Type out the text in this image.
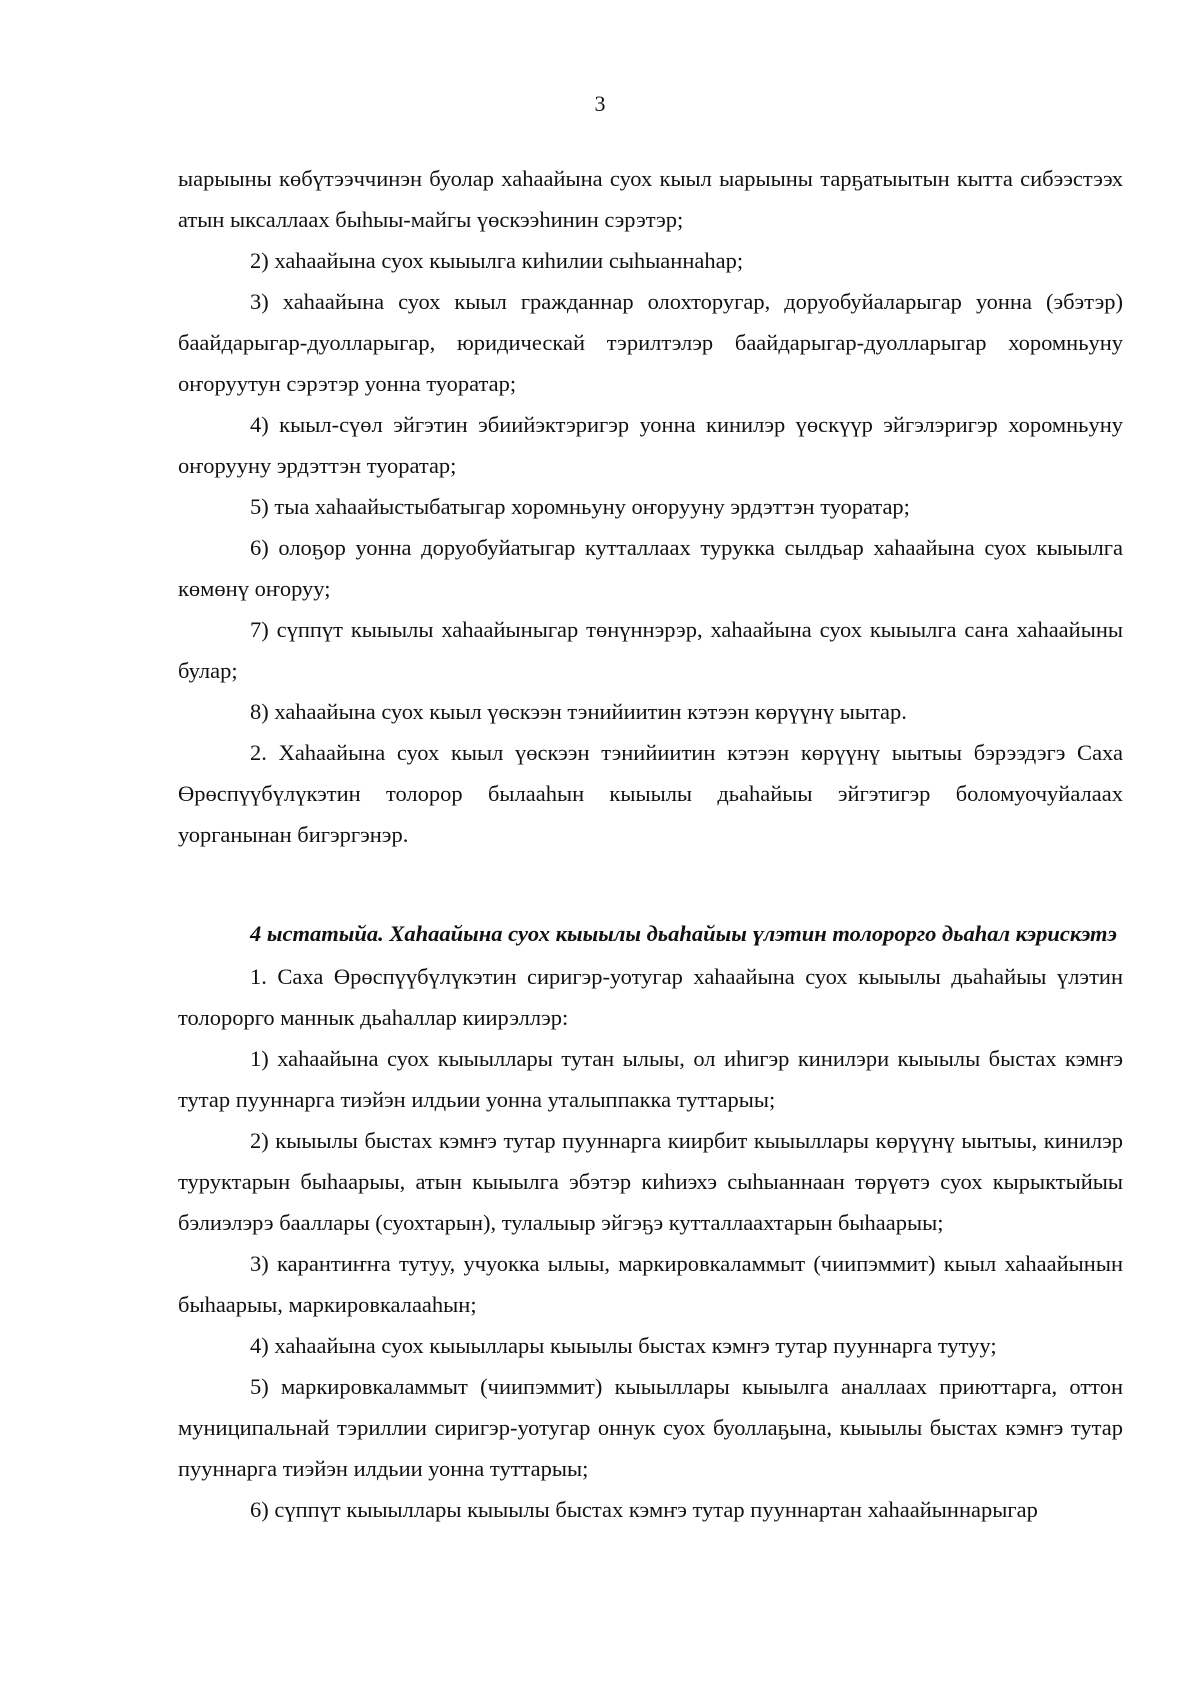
3

ыарыыны көбүтээччинэн буолар хаһаайына суох кыыл ыарыыны тарҕатыытын кытта сибээстээх атын ыксаллаах быһыы-майгы үөскээһинин сэрэтэр;

2) хаһаайына суох кыыылга киһилии сыһыаннаһар;

3) хаһаайына суох кыыл гражданнар олохторугар, доруобуйаларыгар уонна (эбэтэр) баайдарыгар-дуолларыгар, юридическай тэрилтэлэр баайдарыгар-дуолларыгар хоромньуну оҥоруутун сэрэтэр уонна туоратар;

4) кыыл-сүөл эйгэтин эбиийэктэригэр уонна кинилэр үөскүүр эйгэлэригэр хоромньуну оҥорууну эрдэттэн туоратар;

5) тыа хаһаайыстыбатыгар хоромньуну оҥорууну эрдэттэн туоратар;

6) олоҕор уонна доруобуйатыгар кутталлаах турукка сылдьар хаһаайына суох кыыылга көмөнү оҥоруу;

7) сүппүт кыыылы хаһаайыныгар төнүннэрэр, хаһаайына суох кыыылга саҥа хаһаайыны булар;

8) хаһаайына суох кыыл үөскээн тэнийиитин кэтээн көрүүнү ыытар.

2. Хаһаайына суох кыыл үөскээн тэнийиитин кэтээн көрүүнү ыытыы бэрээдэгэ Саха Өрөспүүбүлүкэтин толорор былааһын кыыылы дьаһайыы эйгэтигэр боломуочуйалаах уорганынан бигэргэнэр.

4 ыстатыйа. Хаһаайына суох кыыылы дьаһайыы үлэтин толорорго дьаһал кэрискэтэ

1. Саха Өрөспүүбүлүкэтин сиригэр-уотугар хаһаайына суох кыыылы дьаһайыы үлэтин толорорго маннык дьаһаллар киирэллэр:

1) хаһаайына суох кыыыллары тутан ылыы, ол иһигэр кинилэри кыыылы быстах кэмҥэ тутар пууннарга тиэйэн илдьии уонна уталыппакка туттарыы;

2) кыыылы быстах кэмҥэ тутар пууннарга киирбит кыыыллары көрүүнү ыытыы, кинилэр туруктарын быһаарыы, атын кыыылга эбэтэр киһиэхэ сыһыаннаан төрүөтэ суох кырыктыйыы бэлиэлэрэ бааллары (суохтарын), тулалыыр эйгэҕэ кутталлаахтарын быһаарыы;

3) карантиҥҥа тутуу, учуокка ылыы, маркировкаламмыт (чиипэммит) кыыл хаһаайынын быһаарыы, маркировкалааһын;

4) хаһаайына суох кыыыллары кыыылы быстах кэмҥэ тутар пууннарга тутуу;

5) маркировкаламмыт (чиипэммит) кыыыллары кыыылга аналлаах приюттарга, оттон муниципальнай тэриллии сиригэр-уотугар оннук суох буоллаҕына, кыыылы быстах кэмҥэ тутар пууннарга тиэйэн илдьии уонна туттарыы;

6) сүппүт кыыыллары кыыылы быстах кэмҥэ тутар пууннартан хаһаайыннарыгар
